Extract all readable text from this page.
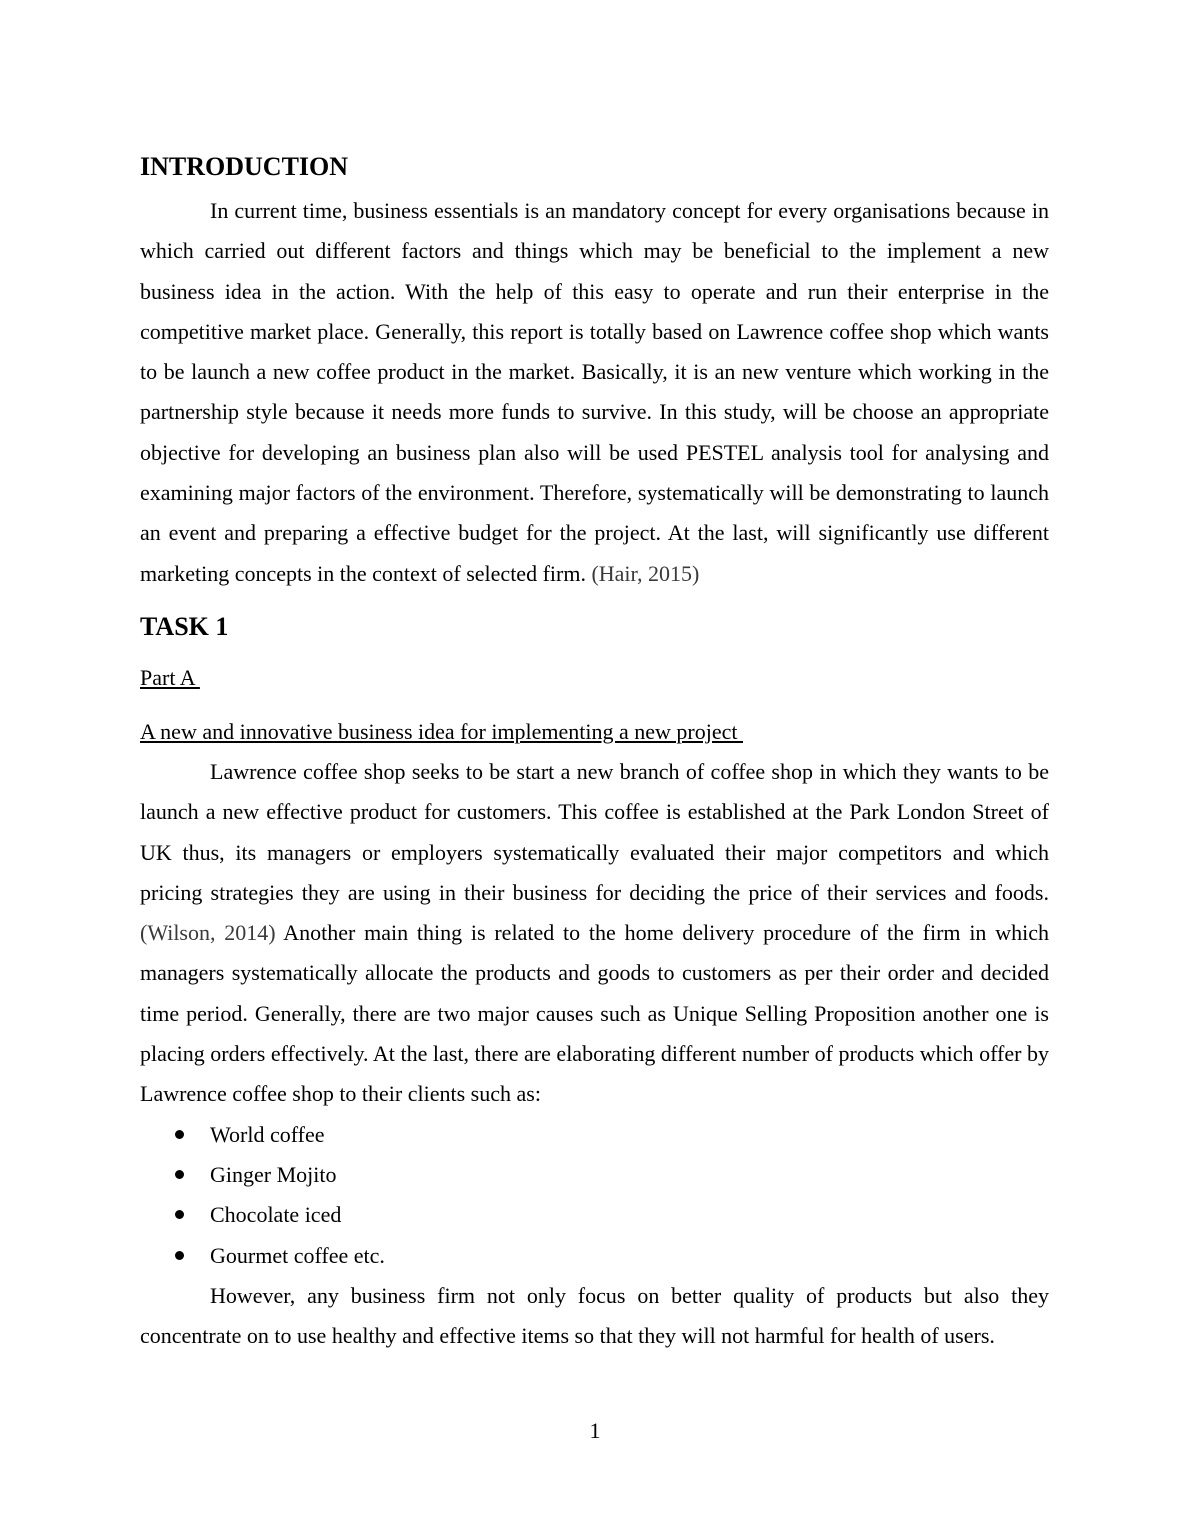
INTRODUCTION

In current time, business essentials is an mandatory concept for every organisations because in which carried out different factors and things which may be beneficial to the implement a new business idea in the action. With the help of this easy to operate and run their enterprise in the competitive market place. Generally, this report is totally based on Lawrence coffee shop which wants to be launch a new coffee product in the market. Basically, it is an new venture which working in the partnership style because it needs more funds to survive. In this study, will be choose an appropriate objective for developing an business plan also will be used PESTEL analysis tool for analysing and examining major factors of the environment. Therefore, systematically will be demonstrating to launch an event and preparing a effective budget for the project. At the last, will significantly use different marketing concepts in the context of selected firm. (Hair, 2015)

TASK 1

Part A

A new and innovative business idea for implementing a new project

Lawrence coffee shop seeks to be start a new branch of coffee shop in which they wants to be launch a new effective product for customers. This coffee is established at the Park London Street of UK thus, its managers or employers systematically evaluated their major competitors and which pricing strategies they are using in their business for deciding the price of their services and foods.(Wilson, 2014) Another main thing is related to the home delivery procedure of the firm in which managers systematically allocate the products and goods to customers as per their order and decided time period. Generally, there are two major causes such as Unique Selling Proposition another one is placing orders effectively. At the last, there are elaborating different number of products which offer by Lawrence coffee shop to their clients such as:

World coffee
Ginger Mojito
Chocolate iced
Gourmet coffee etc.

However, any business firm not only focus on better quality of products but also they concentrate on to use healthy and effective items so that they will not harmful for health of users.

1
